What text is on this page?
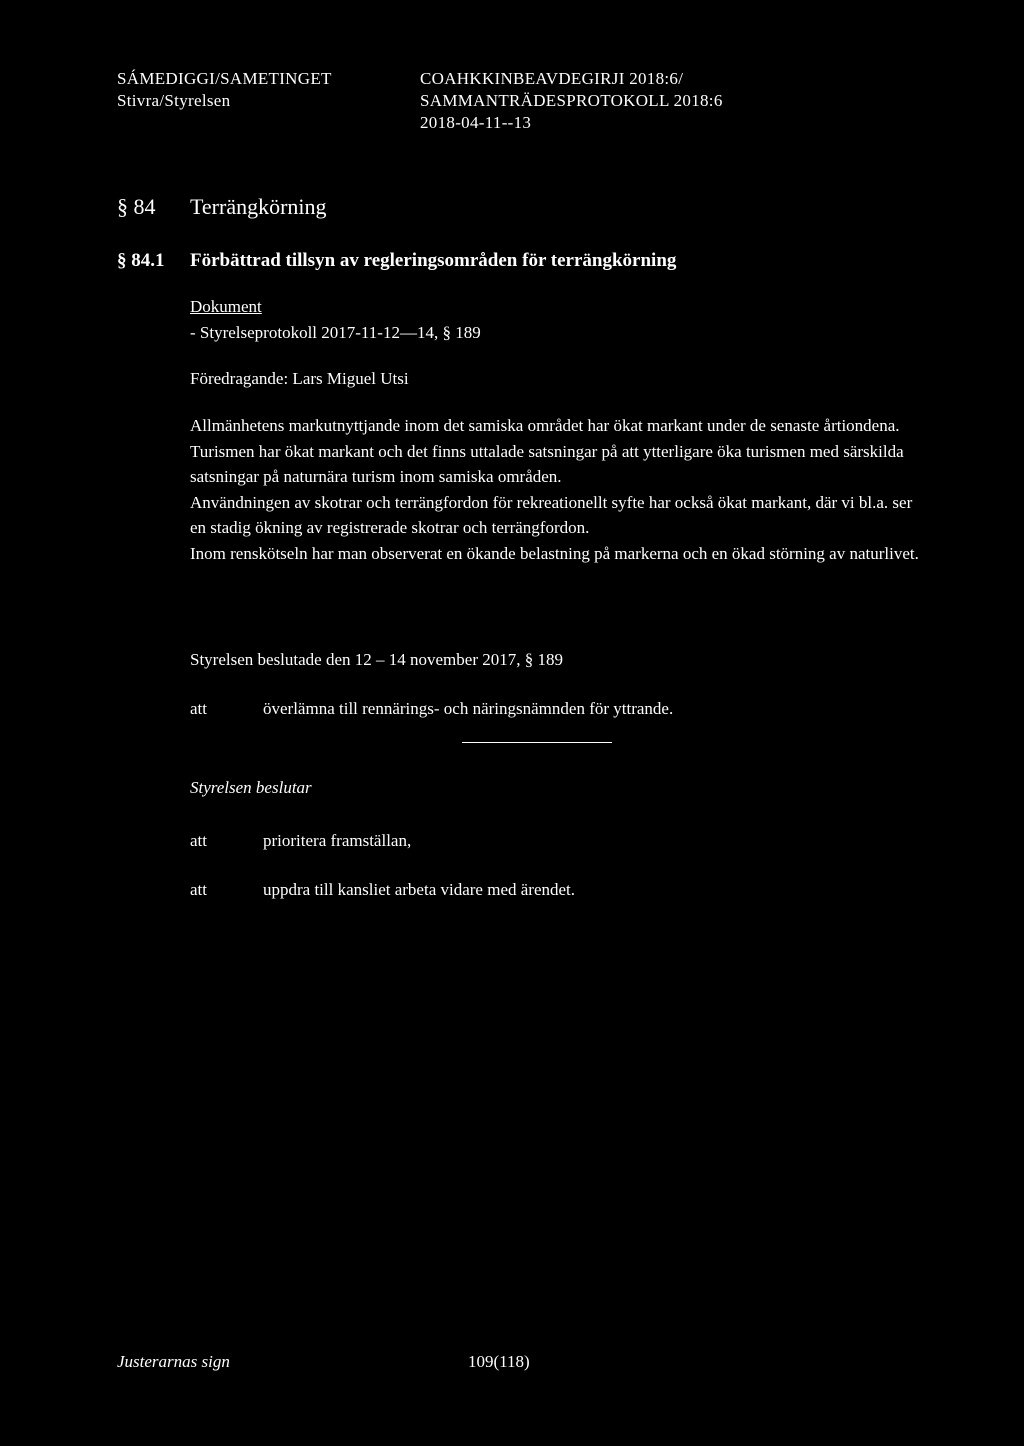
SÁMEDIGGI/SAMETINGET
Stivra/Styrelsen
COAHKKINBEAVDEGIRJI 2018:6/
SAMMANTRÄDESPROTOKOLL 2018:6
2018-04-11--13
§ 84 Terrängkörning
§ 84.1 Förbättrad tillsyn av regleringsområden för terrängkörning
Dokument
- Styrelseprotokoll 2017-11-12—14, § 189
Föredragande: Lars Miguel Utsi

Allmänhetens markutnyttjande inom det samiska området har ökat markant under de senaste årtiondena. Turismen har ökat markant och det finns uttalade satsningar på att ytterligare öka turismen med särskilda satsningar på naturnära turism inom samiska områden.

Användningen av skotrar och terrängfordon för rekreationellt syfte har också ökat markant, där vi bl.a. ser en stadig ökning av registrerade skotrar och terrängfordon.

Inom renskötseln har man observerat en ökande belastning på markerna och en ökad störning av naturlivet.

Styrelsen beslutade den 12 – 14 november 2017, § 189
att	överlämna till rennärings- och näringsnämnden för yttrande.
Styrelsen beslutar
att	prioritera framställan,
att	uppdra till kansliet arbeta vidare med ärendet.
Justerarnas sign	109(118)
